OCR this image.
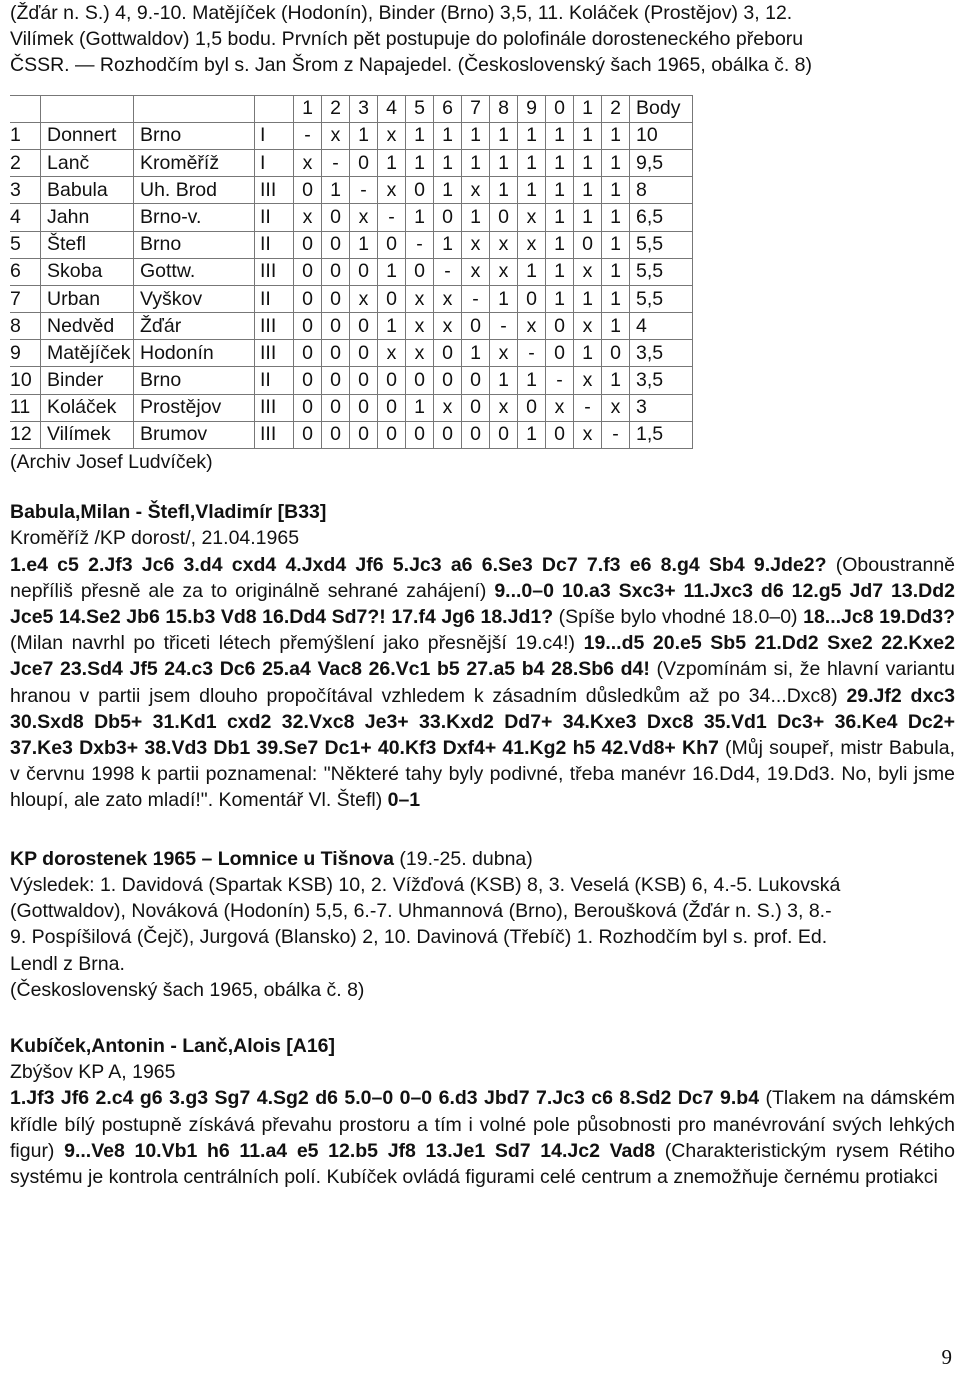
(Žďár n. S.) 4, 9.-10. Matějíček (Hodonín), Binder (Brno) 3,5, 11. Koláček (Prostějov) 3, 12.

Vilímek (Gottwaldov) 1,5 bodu. Prvních pět postupuje do polofinále dorosteneckého přeboru

ČSSR. — Rozhodčím byl s. Jan Šrom z Napajedel. (Československý šach 1965, obálka č. 8)

				1	2	3	4	5	6	7	8	9	0	1	2	Body
1	Donnert	Brno	I	-	x	1	x	1	1	1	1	1	1	1	1	10
2	Lanč	Kroměříž	I	x	-	0	1	1	1	1	1	1	1	1	1	9,5
3	Babula	Uh. Brod	III	0	1	-	x	0	1	x	1	1	1	1	1	8
4	Jahn	Brno-v.	II	x	0	x	-	1	0	1	0	x	1	1	1	6,5
5	Štefl	Brno	II	0	0	1	0	-	1	x	x	x	1	0	1	5,5
6	Skoba	Gottw.	III	0	0	0	1	0	-	x	x	1	1	x	1	5,5
7	Urban	Vyškov	II	0	0	x	0	x	x	-	1	0	1	1	1	5,5
8	Nedvěd	Žďár	III	0	0	0	1	x	x	0	-	x	0	x	1	4
9	Matějíček	Hodonín	III	0	0	0	x	x	0	1	x	-	0	1	0	3,5
10	Binder	Brno	II	0	0	0	0	0	0	0	1	1	-	x	1	3,5
11	Koláček	Prostějov	III	0	0	0	0	1	x	0	x	0	x	-	x	3
12	Vilímek	Brumov	III	0	0	0	0	0	0	0	0	1	0	x	-	1,5

(Archiv Josef Ludvíček)

Babula,Milan - Štefl,Vladimír [B33]

Kroměříž /KP dorost/, 21.04.1965

1.e4 c5 2.Jf3 Jc6 3.d4 cxd4 4.Jxd4 Jf6 5.Jc3 a6 6.Se3 Dc7 7.f3 e6 8.g4 Sb4 9.Jde2? (Oboustranně nepříliš přesně ale za to originálně sehrané zahájení) 9...0–0 10.a3 Sxc3+ 11.Jxc3 d6 12.g5 Jd7 13.Dd2 Jce5 14.Se2 Jb6 15.b3 Vd8 16.Dd4 Sd7?! 17.f4 Jg6 18.Jd1? (Spíše bylo vhodné 18.0–0) 18...Jc8 19.Dd3? (Milan navrhl po třiceti létech přemýšlení jako přesnější 19.c4!) 19...d5 20.e5 Sb5 21.Dd2 Sxe2 22.Kxe2 Jce7 23.Sd4 Jf5 24.c3 Dc6 25.a4 Vac8 26.Vc1 b5 27.a5 b4 28.Sb6 d4! (Vzpomínám si, že hlavní variantu hranou v partii jsem dlouho propočítával vzhledem k zásadním důsledkům až po 34...Dxc8) 29.Jf2 dxc3 30.Sxd8 Db5+ 31.Kd1 cxd2 32.Vxc8 Je3+ 33.Kxd2 Dd7+ 34.Kxe3 Dxc8 35.Vd1 Dc3+ 36.Ke4 Dc2+ 37.Ke3 Dxb3+ 38.Vd3 Db1 39.Se7 Dc1+ 40.Kf3 Dxf4+ 41.Kg2 h5 42.Vd8+ Kh7 (Můj soupeř, mistr Babula, v červnu 1998 k partii poznamenal: "Některé tahy byly podivné, třeba manévr 16.Dd4, 19.Dd3. No, byli jsme hloupí, ale zato mladí!". Komentář Vl. Štefl) 0–1

KP dorostenek 1965 – Lomnice u Tišnova (19.-25. dubna)

Výsledek: 1. Davidová (Spartak KSB) 10, 2. Vížďová (KSB) 8, 3. Veselá (KSB) 6, 4.-5. Lukovská

(Gottwaldov), Nováková (Hodonín) 5,5, 6.-7. Uhmannová (Brno), Beroušková (Žďár n. S.) 3, 8.-

9. Pospíšilová (Čejč), Jurgová (Blansko) 2, 10. Davinová (Třebíč) 1. Rozhodčím byl s. prof. Ed.

Lendl z Brna.

(Československý šach 1965, obálka č. 8)

Kubíček,Antonin - Lanč,Alois [A16]

Zbýšov KP A, 1965

1.Jf3 Jf6 2.c4 g6 3.g3 Sg7 4.Sg2 d6 5.0–0 0–0 6.d3 Jbd7 7.Jc3 c6 8.Sd2 Dc7 9.b4 (Tlakem na dámském křídle bílý postupně získává převahu prostoru a tím i volné pole působnosti pro manévrování svých lehkých figur) 9...Ve8 10.Vb1 h6 11.a4 e5 12.b5 Jf8 13.Je1 Sd7 14.Jc2 Vad8 (Charakteristickým rysem Rétiho systému je kontrola centrálních polí. Kubíček ovládá figurami celé centrum a znemožňuje černému protiakci

9
